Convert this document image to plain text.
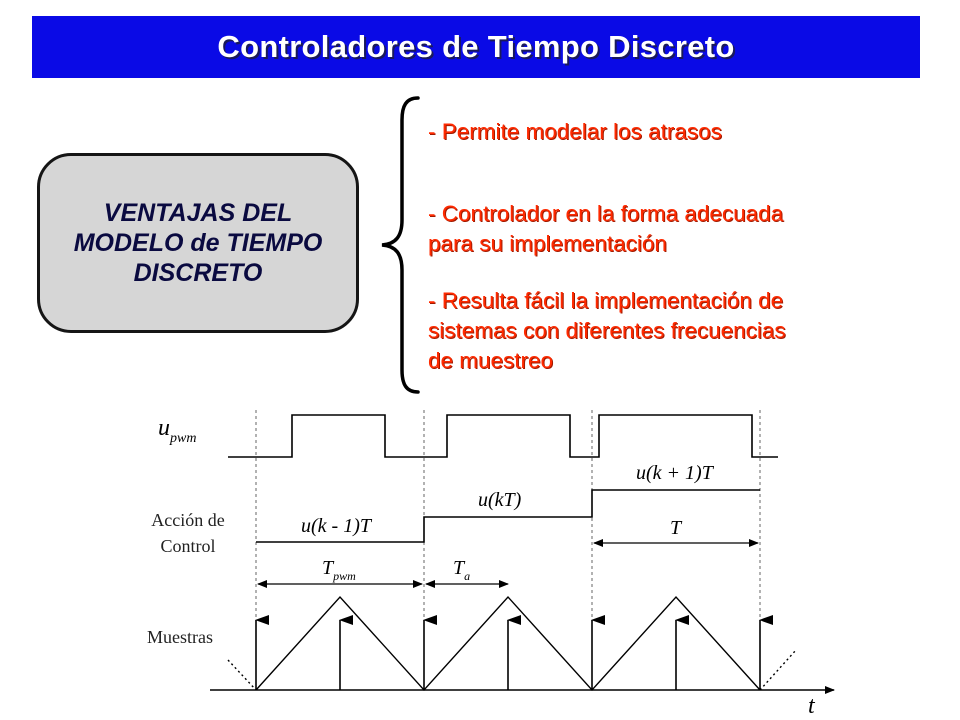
Controladores de Tiempo Discreto
VENTAJAS DEL MODELO de TIEMPO DISCRETO
- Permite modelar los atrasos
- Controlador en la forma adecuada
para su implementación
- Resulta fácil la implementación de
sistemas con diferentes frecuencias
de muestreo
$u_{pwm}$
Acción de
Control
Muestras
u(k - 1)T
u(kT)
u(k + 1)T
T
$T_{pwm}$	$T_a$
t
